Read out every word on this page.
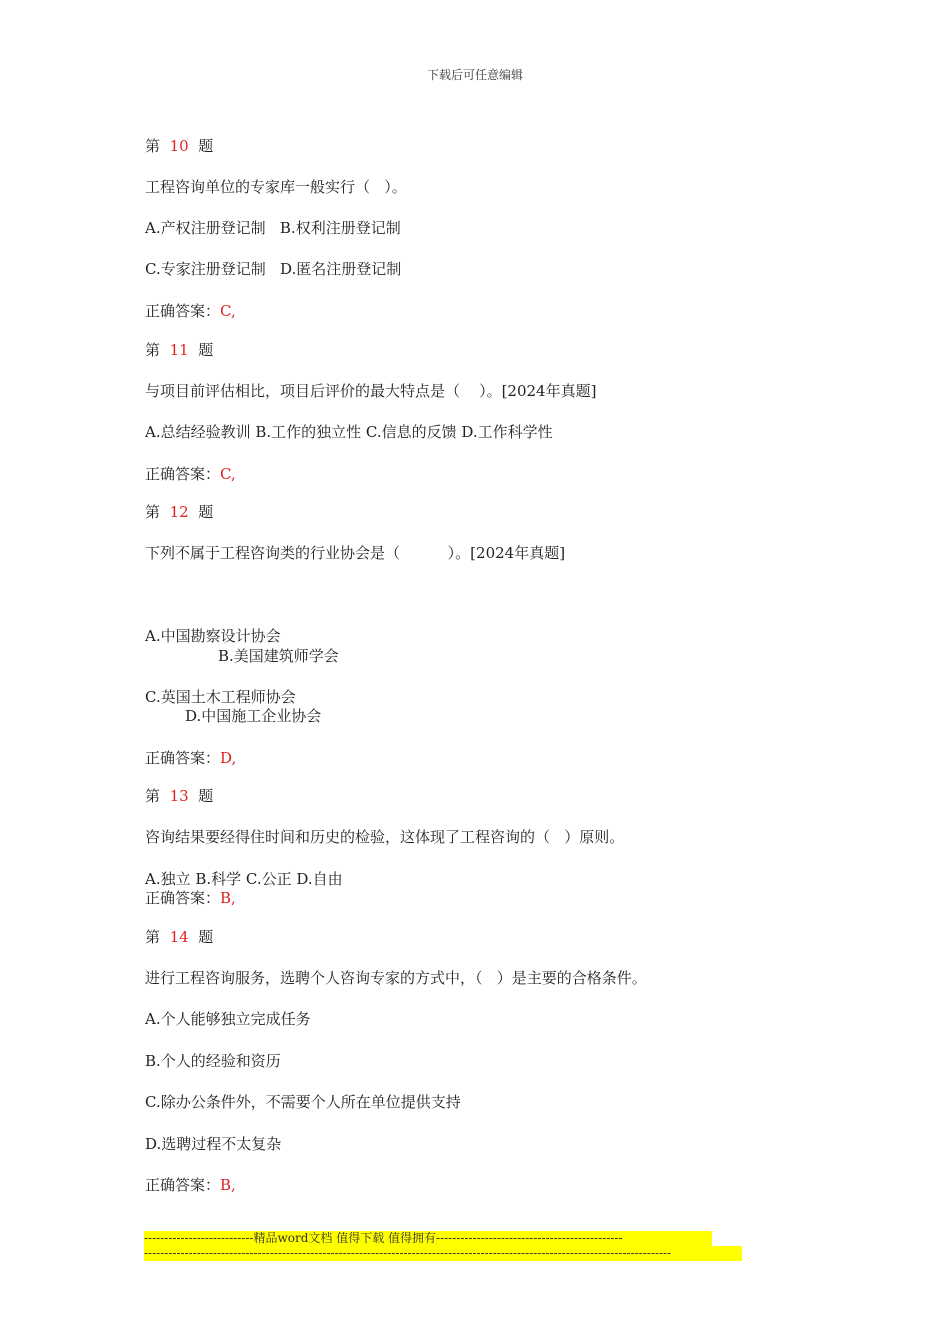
下载后可任意编辑
第 10 题
工程咨询单位的专家库一般实行（   ）。
A.产权注册登记制   B.权利注册登记制
C.专家注册登记制   D.匿名注册登记制
正确答案：C,
第 11 题
与项目前评估相比，项目后评价的最大特点是（    ）。[2024年真题]
A.总结经验教训 B.工作的独立性 C.信息的反馈 D.工作科学性
正确答案：C,
第 12 题
下列不属于工程咨询类的行业协会是（          ）。[2024年真题]
A.中国勘察设计协会
B.美国建筑师学会
C.英国土木工程师协会
D.中国施工企业协会
正确答案：D,
第 13 题
咨询结果要经得住时间和历史的检验，这体现了工程咨询的（   ）原则。
A.独立 B.科学 C.公正 D.自由
正确答案：B,
第 14 题
进行工程咨询服务，选聘个人咨询专家的方式中，（   ）是主要的合格条件。
A.个人能够独立完成任务
B.个人的经验和资历
C.除办公条件外，不需要个人所在单位提供支持
D.选聘过程不太复杂
正确答案：B,
---------------------------精品word文档 值得下载 值得拥有----------------------------------------------
----------------------------------------------------------------------------------------------------------------------------------
